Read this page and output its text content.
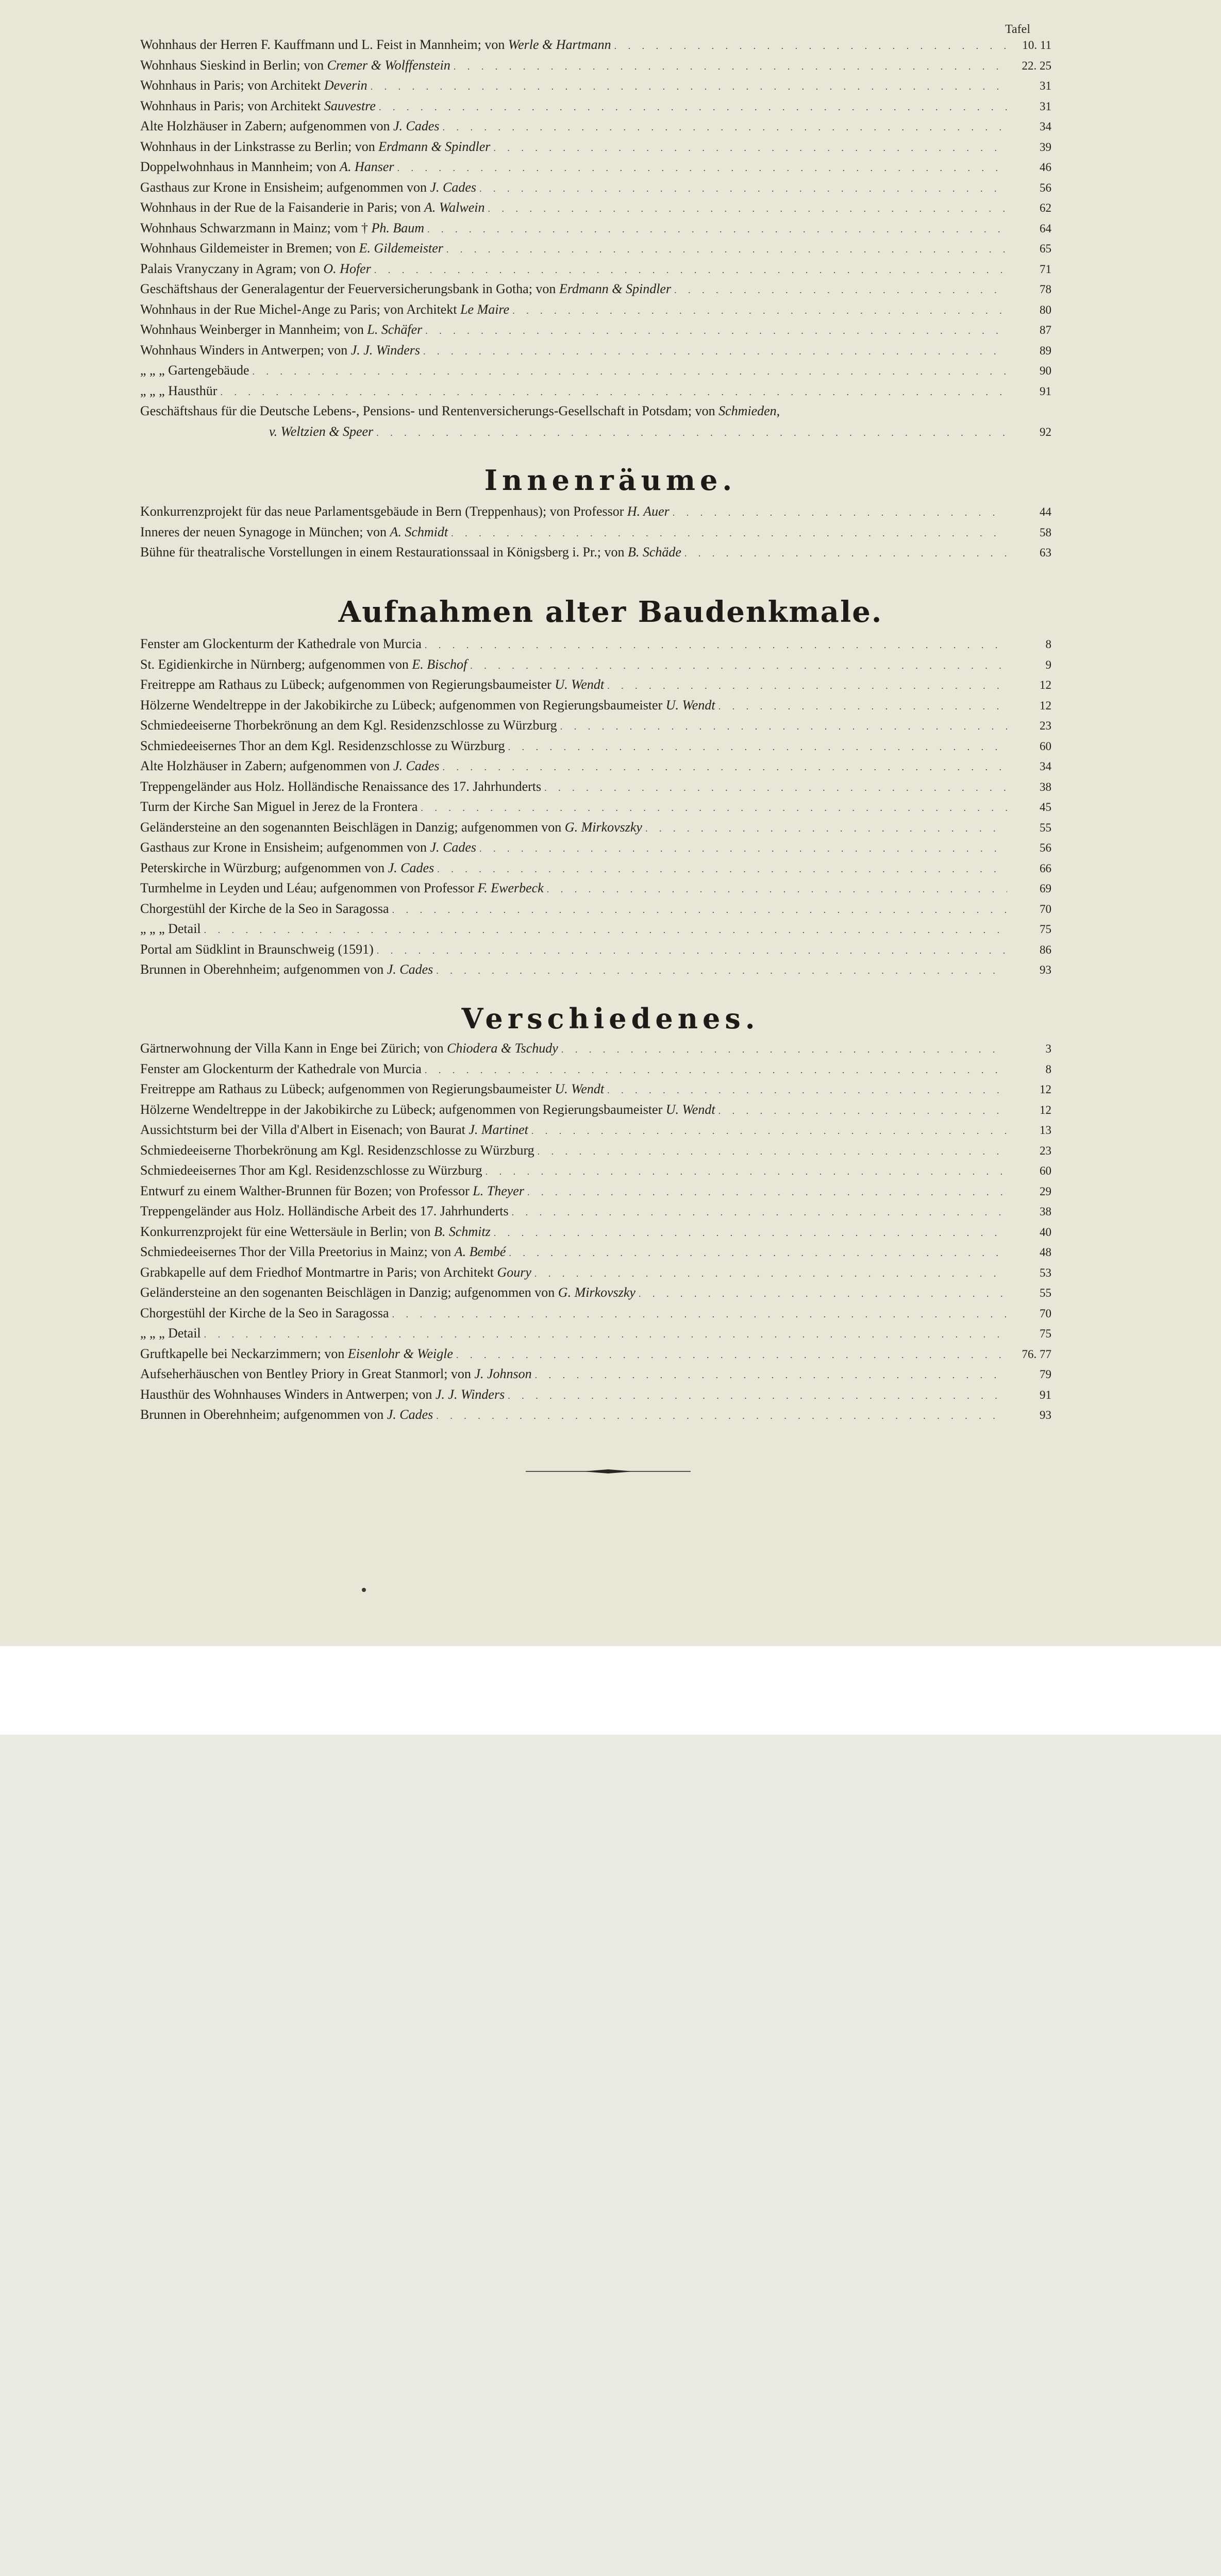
Tafel
Wohnhaus der Herren F. Kauffmann und L. Feist in Mannheim; von Werle & Hartmann . . .	10. 11
Wohnhaus Sieskind in Berlin; von Cremer & Wolffenstein . . .	22. 25
Wohnhaus in Paris; von Architekt Deverin . . .	31
Wohnhaus in Paris; von Architekt Sauvestre . . .	31
Alte Holzhäuser in Zabern; aufgenommen von J. Cades . . .	34
Wohnhaus in der Linkstrasse zu Berlin; von Erdmann & Spindler . . .	39
Doppelwohnhaus in Mannheim; von A. Hanser . . .	46
Gasthaus zur Krone in Ensisheim; aufgenommen von J. Cades . . .	56
Wohnhaus in der Rue de la Faisanderie in Paris; von A. Walwein . . .	62
Wohnhaus Schwarzmann in Mainz; vom † Ph. Baum . . .	64
Wohnhaus Gildemeister in Bremen; von E. Gildemeister . . .	65
Palais Vranyczany in Agram; von O. Hofer . . .	71
Geschäftshaus der Generalagentur der Feuerversicherungsbank in Gotha; von Erdmann & Spindler . . .	78
Wohnhaus in der Rue Michel-Ange zu Paris; von Architekt Le Maire . . .	80
Wohnhaus Weinberger in Mannheim; von L. Schäfer . . .	87
Wohnhaus Winders in Antwerpen; von J. J. Winders . . .	89
„ „ „ Gartengebäude . . .	90
„ „ „ Hausthür . . .	91
Geschäftshaus für die Deutsche Lebens-, Pensions- und Rentenversicherungs-Gesellschaft in Potsdam; von Schmieden,
v. Weltzien & Speer . . .	92
Innenräume.
Konkurrenzprojekt für das neue Parlamentsgebäude in Bern (Treppenhaus); von Professor H. Auer . . .	44
Inneres der neuen Synagoge in München; von A. Schmidt . . .	58
Bühne für theatralische Vorstellungen in einem Restaurationssaal in Königsberg i. Pr.; von B. Schäde . . .	63
Aufnahmen alter Baudenkmale.
Fenster am Glockenturm der Kathedrale von Murcia . . .	8
St. Egidienkirche in Nürnberg; aufgenommen von E. Bischof . . .	9
Freitreppe am Rathaus zu Lübeck; aufgenommen von Regierungsbaumeister U. Wendt . . .	12
Hölzerne Wendeltreppe in der Jakobikirche zu Lübeck; aufgenommen von Regierungsbaumeister U. Wendt . . .	12
Schmiedeeiserne Thorbekrönung an dem Kgl. Residenzschlosse zu Würzburg . . .	23
Schmiedeeisernes Thor an dem Kgl. Residenzschlosse zu Würzburg . . .	60
Alte Holzhäuser in Zabern; aufgenommen von J. Cades . . .	34
Treppengeländer aus Holz. Holländische Renaissance des 17. Jahrhunderts . . .	38
Turm der Kirche San Miguel in Jerez de la Frontera . . .	45
Geländersteine an den sogenannten Beischlägen in Danzig; aufgenommen von G. Mirkovszky . . .	55
Gasthaus zur Krone in Ensisheim; aufgenommen von J. Cades . . .	56
Peterskirche in Würzburg; aufgenommen von J. Cades . . .	66
Turmhelme in Leyden und Léau; aufgenommen von Professor F. Ewerbeck . . .	69
Chorgestühl der Kirche de la Seo in Saragossa . . .	70
„ „ „ Detail . . .	75
Portal am Südklint in Braunschweig (1591) . . .	86
Brunnen in Oberehnheim; aufgenommen von J. Cades . . .	93
Verschiedenes.
Gärtnerwohnung der Villa Kann in Enge bei Zürich; von Chiodera & Tschudy . . .	3
Fenster am Glockenturm der Kathedrale von Murcia . . .	8
Freitreppe am Rathaus zu Lübeck; aufgenommen von Regierungsbaumeister U. Wendt . . .	12
Hölzerne Wendeltreppe in der Jakobikirche zu Lübeck; aufgenommen von Regierungsbaumeister U. Wendt . . .	12
Aussichtsturm bei der Villa d'Albert in Eisenach; von Baurat J. Martinet . . .	13
Schmiedeeiserne Thorbekrönung am Kgl. Residenzschlosse zu Würzburg . . .	23
Schmiedeeisernes Thor am Kgl. Residenzschlosse zu Würzburg . . .	60
Entwurf zu einem Walther-Brunnen für Bozen; von Professor L. Theyer . . .	29
Treppengeländer aus Holz. Holländische Arbeit des 17. Jahrhunderts . . .	38
Konkurrenzprojekt für eine Wettersäule in Berlin; von B. Schmitz . . .	40
Schmiedeeisernes Thor der Villa Preetorius in Mainz; von A. Bembé . . .	48
Grabkapelle auf dem Friedhof Montmartre in Paris; von Architekt Goury . . .	53
Geländersteine an den sogenanten Beischlägen in Danzig; aufgenommen von G. Mirkovszky . . .	55
Chorgestühl der Kirche de la Seo in Saragossa . . .	70
„ „ „ Detail . . .	75
Gruftkapelle bei Neckarzimmern; von Eisenlohr & Weigle . . .	76. 77
Aufseherhäuschen von Bentley Priory in Great Stanmorl; von J. Johnson . . .	79
Hausthür des Wohnhauses Winders in Antwerpen; von J. J. Winders . . .	91
Brunnen in Oberehnheim; aufgenommen von J. Cades . . .	93
